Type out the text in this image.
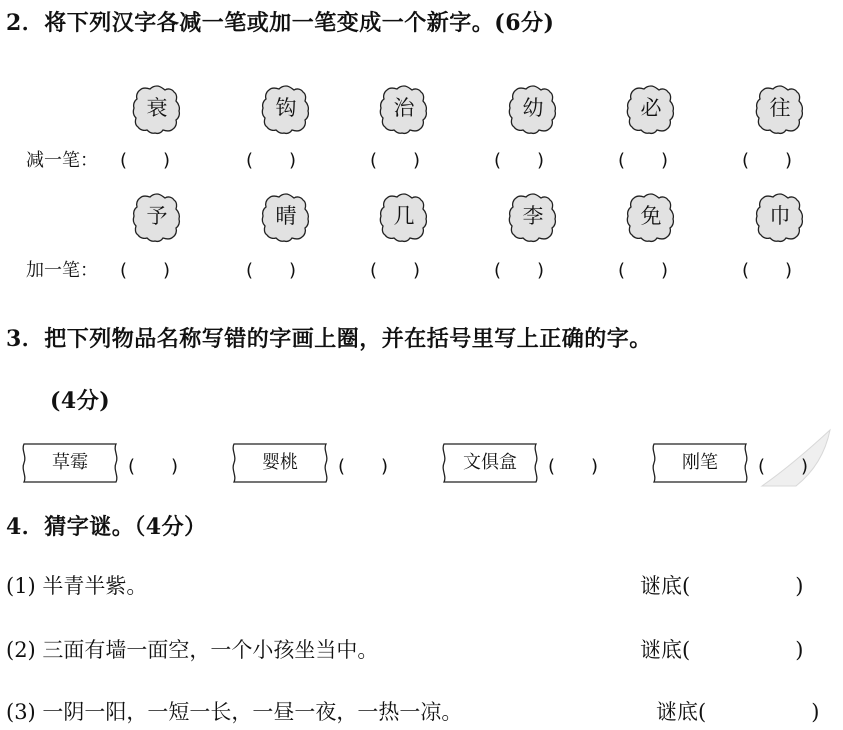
2．将下列汉字各减一笔或加一笔变成一个新字。(6分)
衰	钩	治	幼	必	往
减一笔： (　　)	(　　)	(　　)	(　　)	(　　)	(　　)
予	晴	几	李	免	巾
加一笔： (　　)	(　　)	(　　)	(　　)	(　　)	(　　)
3．把下列物品名称写错的字画上圈，并在括号里写上正确的字。
(4分)
草霉	(　　)	婴桃	(　　)	文俱盒	(　　)	刚笔	(　　)
4．猜字谜。（4分）
(1) 半青半紫。	谜底(　　　　　)
(2) 三面有墙一面空，一个小孩坐当中。	谜底(　　　　　)
(3) 一阴一阳，一短一长，一昼一夜，一热一凉。	谜底(　　　　　)
